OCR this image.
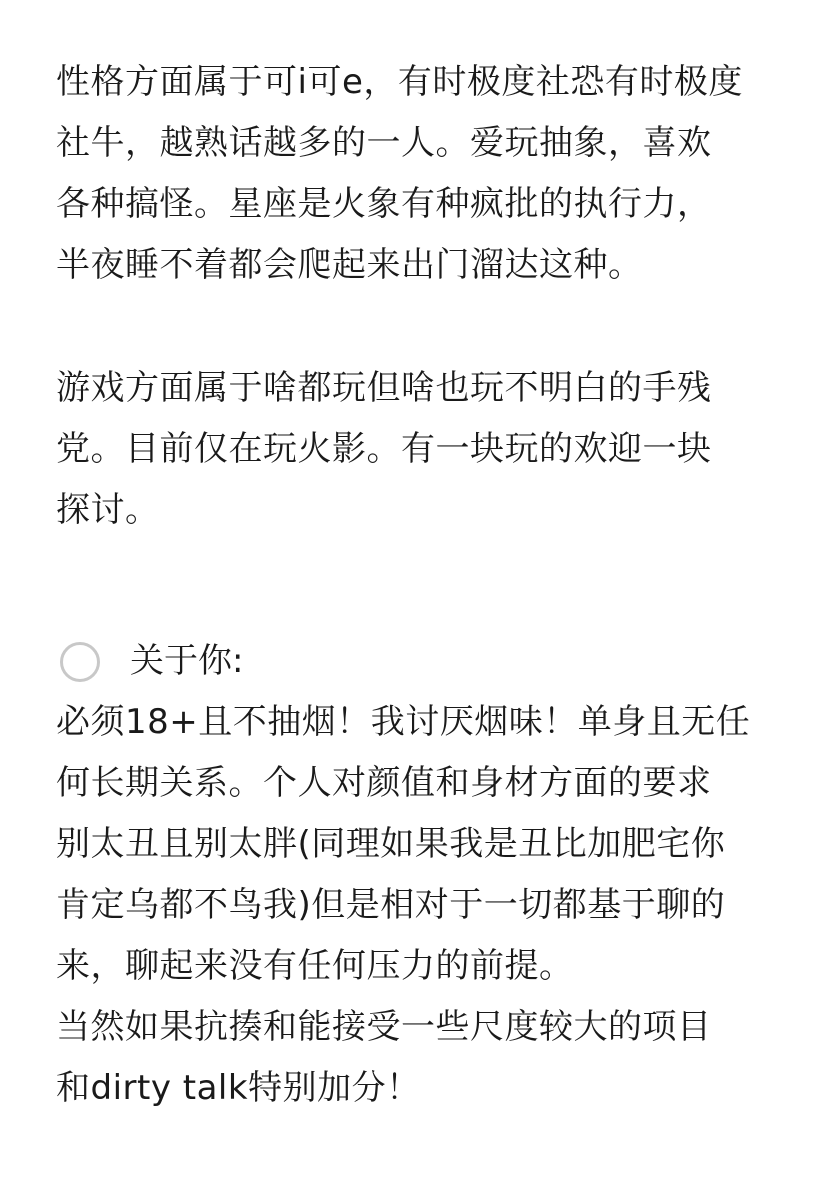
性格方面属于可i可e，有时极度社恐有时极度
社牛，越熟话越多的一人。爱玩抽象，喜欢
各种搞怪。星座是火象有种疯批的执行力，
半夜睡不着都会爬起来出门溜达这种。
游戏方面属于啥都玩但啥也玩不明白的手残
党。目前仅在玩火影。有一块玩的欢迎一块
探讨。
关于你:
必须18+且不抽烟！我讨厌烟味！单身且无任
何长期关系。个人对颜值和身材方面的要求
别太丑且别太胖(同理如果我是丑比加肥宅你
肯定乌都不鸟我)但是相对于一切都基于聊的
来，聊起来没有任何压力的前提。
当然如果抗揍和能接受一些尺度较大的项目
和dirty talk特别加分！
